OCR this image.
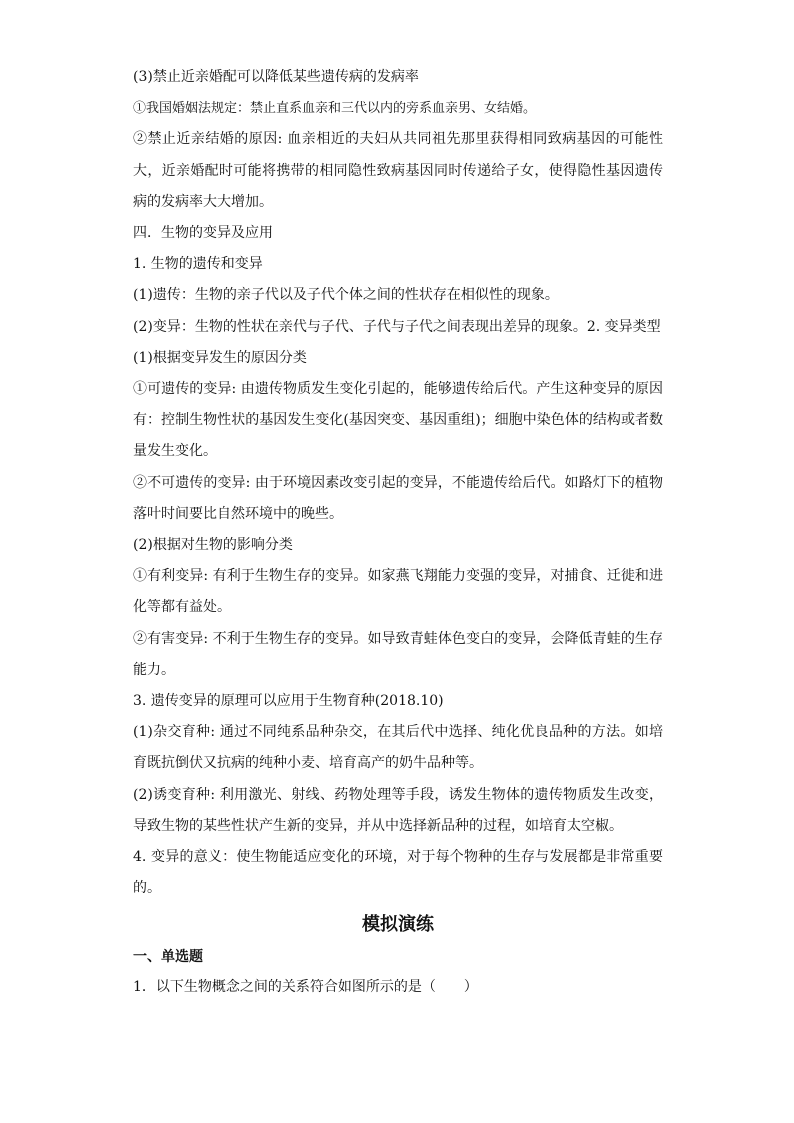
(3)禁止近亲婚配可以降低某些遗传病的发病率

①我国婚姻法规定：禁止直系血亲和三代以内的旁系血亲男、女结婚。

②禁止近亲结婚的原因: 血亲相近的夫妇从共同祖先那里获得相同致病基因的可能性大，近亲婚配时可能将携带的相同隐性致病基因同时传递给子女，使得隐性基因遗传病的发病率大大增加。

四．生物的变异及应用

1. 生物的遗传和变异

(1)遗传：生物的亲子代以及子代个体之间的性状存在相似性的现象。

(2)变异：生物的性状在亲代与子代、子代与子代之间表现出差异的现象。2. 变异类型

(1)根据变异发生的原因分类

①可遗传的变异: 由遗传物质发生变化引起的，能够遗传给后代。产生这种变异的原因有：控制生物性状的基因发生变化(基因突变、基因重组)；细胞中染色体的结构或者数量发生变化。

②不可遗传的变异: 由于环境因素改变引起的变异，不能遗传给后代。如路灯下的植物落叶时间要比自然环境中的晚些。

(2)根据对生物的影响分类

①有利变异: 有利于生物生存的变异。如家燕飞翔能力变强的变异，对捕食、迁徙和进化等都有益处。

②有害变异: 不利于生物生存的变异。如导致青蛙体色变白的变异，会降低青蛙的生存能力。

3. 遗传变异的原理可以应用于生物育种(2018.10)

(1)杂交育种: 通过不同纯系品种杂交，在其后代中选择、纯化优良品种的方法。如培育既抗倒伏又抗病的纯种小麦、培育高产的奶牛品种等。

(2)诱变育种: 利用激光、射线、药物处理等手段，诱发生物体的遗传物质发生改变，导致生物的某些性状产生新的变异，并从中选择新品种的过程，如培育太空椒。

4. 变异的意义：使生物能适应变化的环境，对于每个物种的生存与发展都是非常重要的。

模拟演练

一、单选题

1．以下生物概念之间的关系符合如图所示的是（　　）
